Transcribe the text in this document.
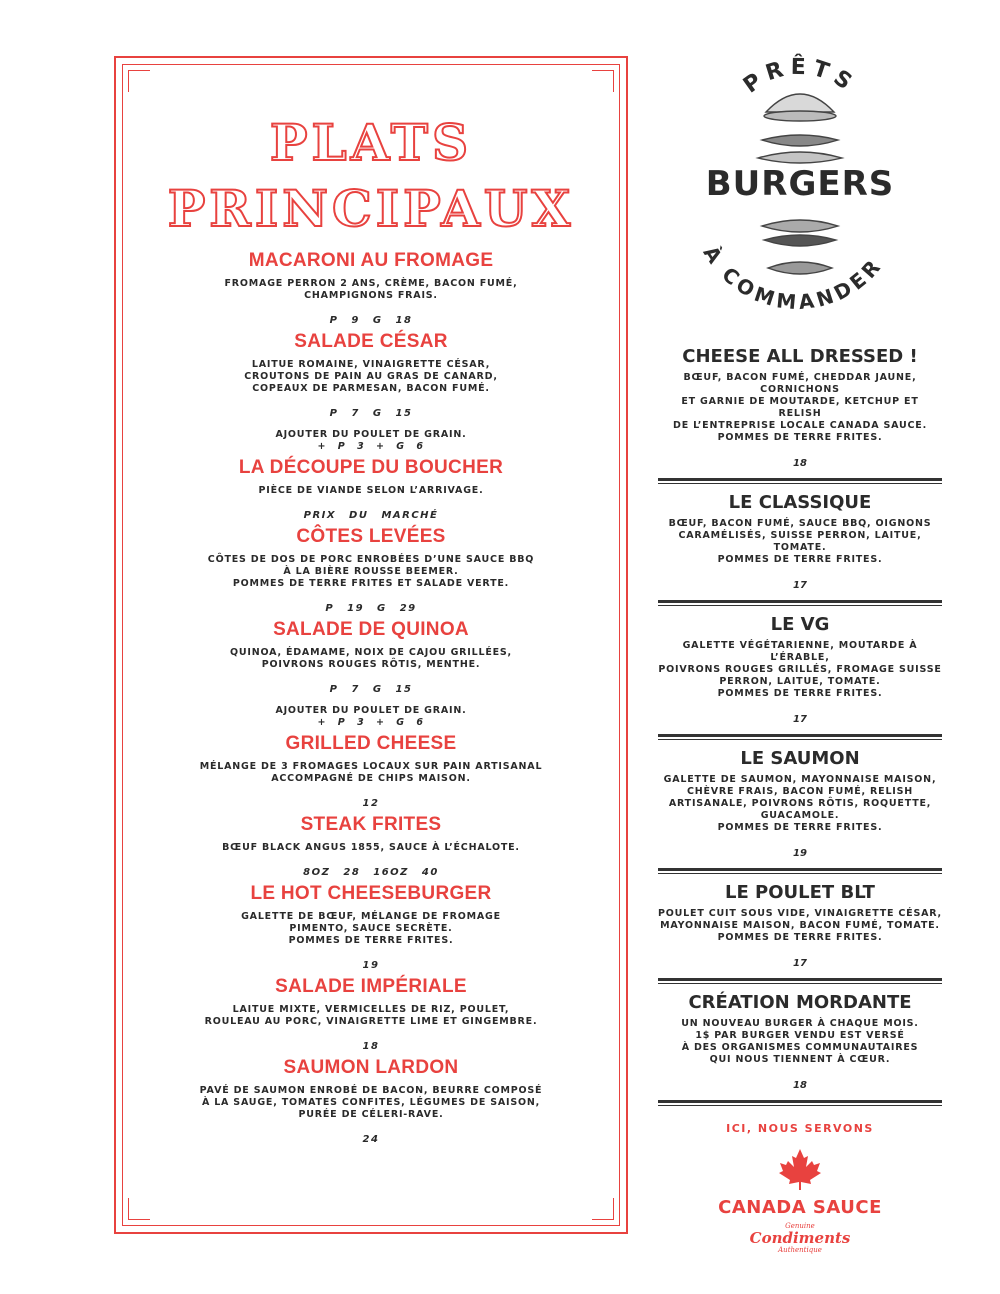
PLATS
PRINCIPAUX
MACARONI AU FROMAGE
FROMAGE PERRON 2 ANS, CRÈME, BACON FUMÉ,
CHAMPIGNONS FRAIS.
P 9 G 18
SALADE CÉSAR
LAITUE ROMAINE, VINAIGRETTE CÉSAR,
CROUTONS DE PAIN AU GRAS DE CANARD,
COPEAUX DE PARMESAN, BACON FUMÉ.
P 7 G 15
AJOUTER DU POULET DE GRAIN.
+ P 3 + G 6
LA DÉCOUPE DU BOUCHER
PIÈCE DE VIANDE SELON L’ARRIVAGE.
PRIX DU MARCHÉ
CÔTES LEVÉES
CÔTES DE DOS DE PORC ENROBÉES D’UNE SAUCE BBQ
À LA BIÈRE ROUSSE BEEMER.
POMMES DE TERRE FRITES ET SALADE VERTE.
P 19 G 29
SALADE DE QUINOA
QUINOA, ÉDAMAME, NOIX DE CAJOU GRILLÉES,
POIVRONS ROUGES RÔTIS, MENTHE.
P 7 G 15
AJOUTER DU POULET DE GRAIN.
+ P 3 + G 6
GRILLED CHEESE
MÉLANGE DE 3 FROMAGES LOCAUX SUR PAIN ARTISANAL
ACCOMPAGNÉ DE CHIPS MAISON.
12
STEAK FRITES
BŒUF BLACK ANGUS 1855, SAUCE À L’ÉCHALOTE.
8OZ 28 16OZ 40
LE HOT CHEESEBURGER
GALETTE DE BŒUF, MÉLANGE DE FROMAGE
PIMENTO, SAUCE SECRÈTE.
POMMES DE TERRE FRITES.
19
SALADE IMPÉRIALE
LAITUE MIXTE, VERMICELLES DE RIZ, POULET,
ROULEAU AU PORC, VINAIGRETTE LIME ET GINGEMBRE.
18
SAUMON LARDON
PAVÉ DE SAUMON ENROBÉ DE BACON, BEURRE COMPOSÉ
À LA SAUGE, TOMATES CONFITES, LÉGUMES DE SAISON,
PURÉE DE CÉLERI-RAVE.
24
PRÊTS
À COMMANDER
BURGERS
CHEESE ALL DRESSED !
BŒUF, BACON FUMÉ, CHEDDAR JAUNE, CORNICHONS
ET GARNIE DE MOUTARDE, KETCHUP ET RELISH
DE L’ENTREPRISE LOCALE CANADA SAUCE.
POMMES DE TERRE FRITES.
18
LE CLASSIQUE
BŒUF, BACON FUMÉ, SAUCE BBQ, OIGNONS
CARAMÉLISÉS, SUISSE PERRON, LAITUE, TOMATE.
POMMES DE TERRE FRITES.
17
LE VG
GALETTE VÉGÉTARIENNE, MOUTARDE À L’ÉRABLE,
POIVRONS ROUGES GRILLÉS, FROMAGE SUISSE
PERRON, LAITUE, TOMATE.
POMMES DE TERRE FRITES.
17
LE SAUMON
GALETTE DE SAUMON, MAYONNAISE MAISON,
CHÈVRE FRAIS, BACON FUMÉ, RELISH
ARTISANALE, POIVRONS RÔTIS, ROQUETTE,
GUACAMOLE.
POMMES DE TERRE FRITES.
19
LE POULET BLT
POULET CUIT SOUS VIDE, VINAIGRETTE CÉSAR,
MAYONNAISE MAISON, BACON FUMÉ, TOMATE.
POMMES DE TERRE FRITES.
17
CRÉATION MORDANTE
UN NOUVEAU BURGER À CHAQUE MOIS.
1$ PAR BURGER VENDU EST VERSÉ
À DES ORGANISMES COMMUNAUTAIRES
QUI NOUS TIENNENT À CŒUR.
18
ICI, NOUS SERVONS
CANADA SAUCE
Genuine
Condiments
Authentique
